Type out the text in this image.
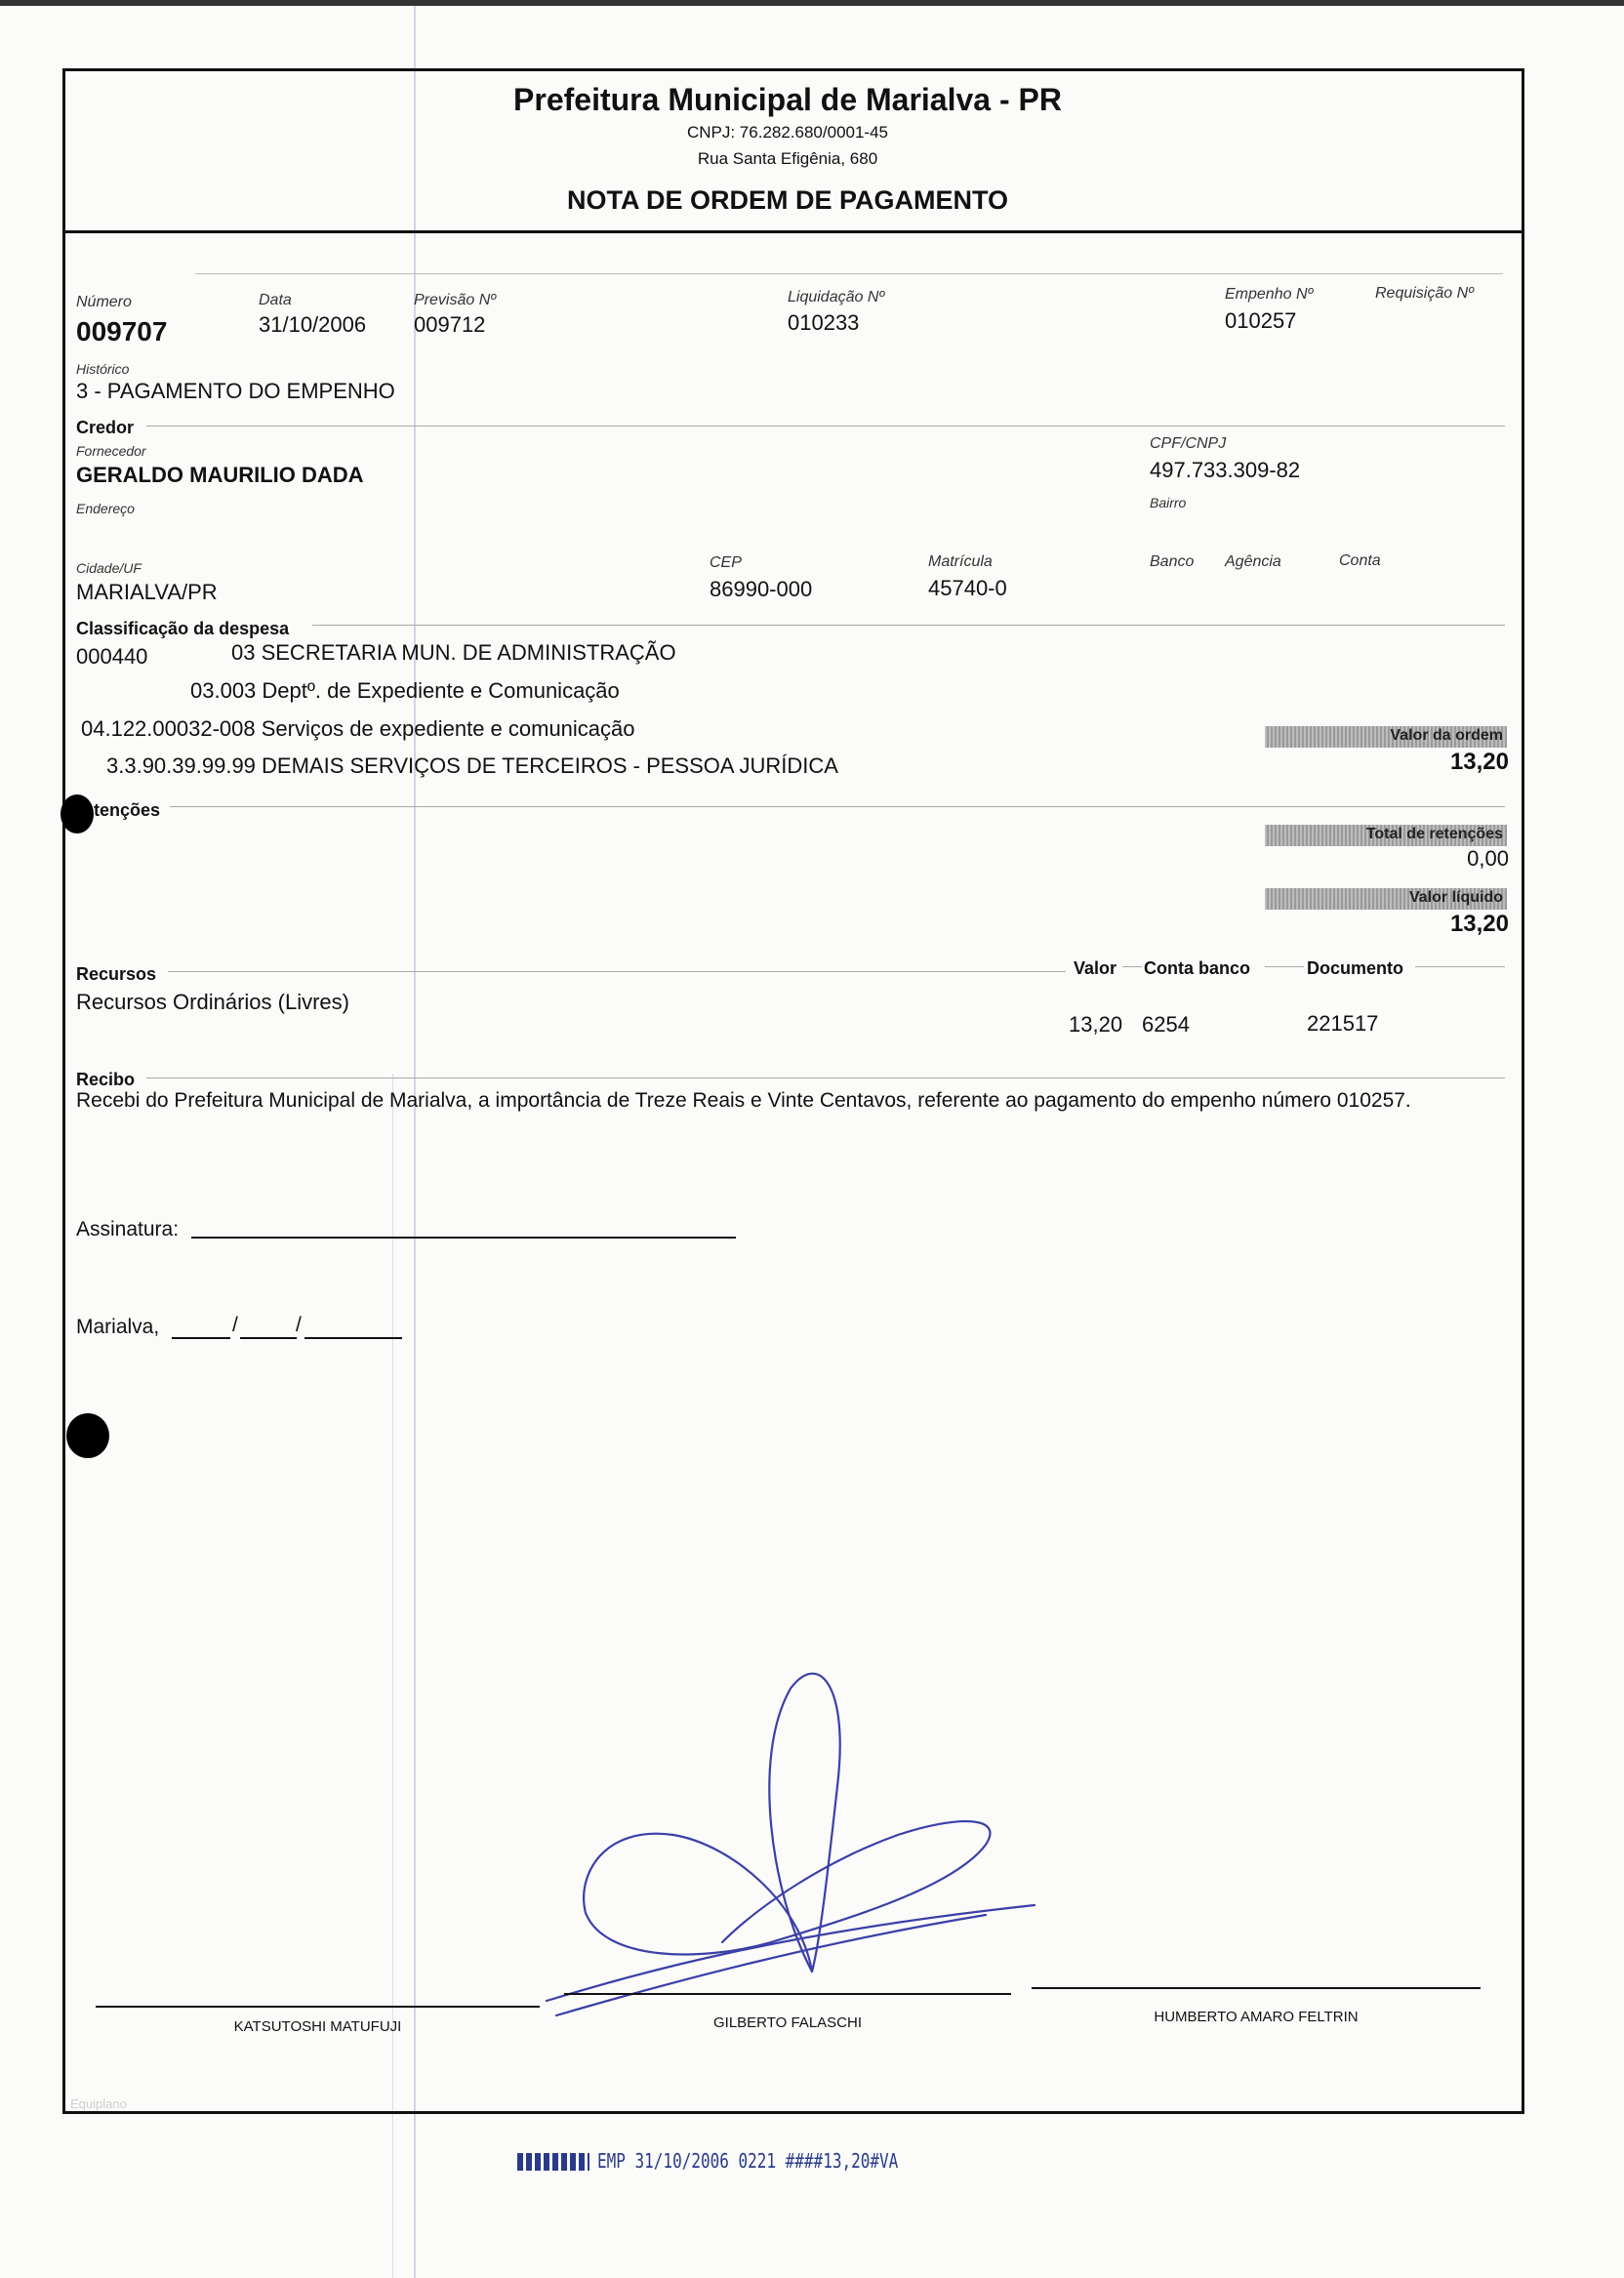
Prefeitura Municipal de Marialva - PR
CNPJ: 76.282.680/0001-45
Rua Santa Efigênia, 680
NOTA DE ORDEM DE PAGAMENTO
Número
009707
Data
31/10/2006
Previsão Nº
009712
Liquidação Nº
010233
Empenho Nº
010257
Requisição Nº
Histórico
3 - PAGAMENTO DO EMPENHO
Credor
Fornecedor
GERALDO MAURILIO DADA
CPF/CNPJ
497.733.309-82
Endereço	Bairro
Cidade/UF
MARIALVA/PR
CEP
86990-000
Matrícula
45740-0
Banco Agência	Conta
Classificação da despesa
000440	03 SECRETARIA MUN. DE ADMINISTRAÇÃO
03.003 Deptº. de Expediente e Comunicação
04.122.00032-008 Serviços de expediente e comunicação
3.3.90.39.99.99 DEMAIS SERVIÇOS DE TERCEIROS - PESSOA JURÍDICA
Valor da ordem
13,20
tenções
Total de retenções
0,00
Valor líquido
13,20
Recursos	Valor Conta banco	Documento
Recursos Ordinários (Livres)
13,20 6254	221517
Recibo
Recebi do Prefeitura Municipal de Marialva, a importância de Treze Reais e Vinte Centavos, referente ao pagamento do empenho número 010257.
Assinatura:
Marialva,	/	/
KATSUTOSHI MATUFUJI	GILBERTO FALASCHI	HUMBERTO AMARO FELTRIN
Equiplano
EMP 31/10/2006 0221 ####13,20#VA
